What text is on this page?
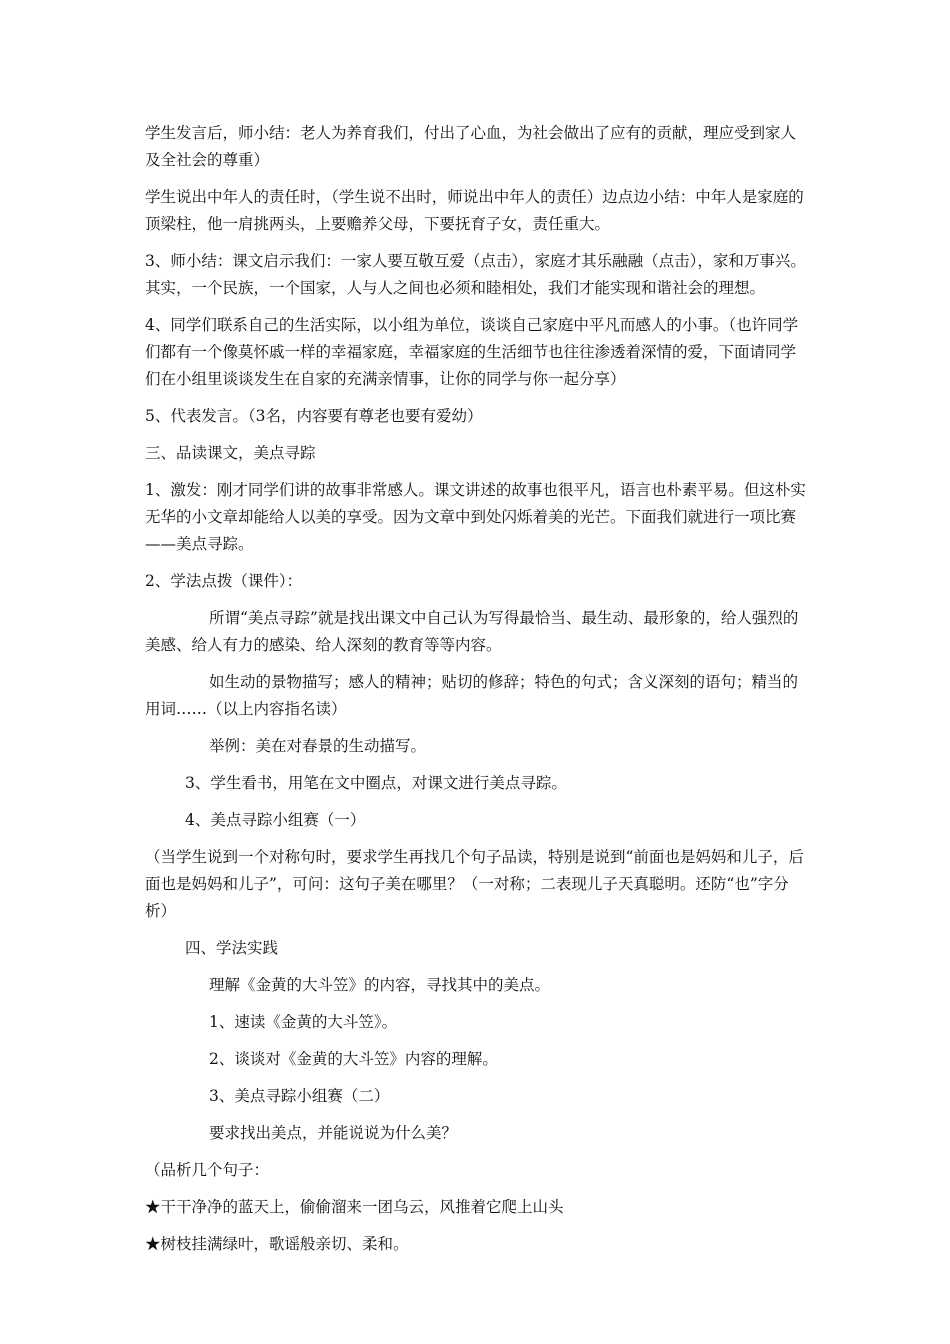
学生发言后，师小结：老人为养育我们，付出了心血，为社会做出了应有的贡献，理应受到家人及全社会的尊重）

学生说出中年人的责任时，（学生说不出时，师说出中年人的责任）边点边小结：中年人是家庭的顶梁柱，他一肩挑两头，上要赡养父母，下要抚育子女，责任重大。

3、师小结：课文启示我们：一家人要互敬互爱（点击），家庭才其乐融融（点击），家和万事兴。其实，一个民族，一个国家，人与人之间也必须和睦相处，我们才能实现和谐社会的理想。

4、同学们联系自己的生活实际，以小组为单位，谈谈自己家庭中平凡而感人的小事。（也许同学们都有一个像莫怀戚一样的幸福家庭，幸福家庭的生活细节也往往渗透着深情的爱，下面请同学们在小组里谈谈发生在自家的充满亲情事，让你的同学与你一起分享）

5、代表发言。（3名，内容要有尊老也要有爱幼）

三、品读课文，美点寻踪

1、激发：刚才同学们讲的故事非常感人。课文讲述的故事也很平凡，语言也朴素平易。但这朴实无华的小文章却能给人以美的享受。因为文章中到处闪烁着美的光芒。下面我们就进行一项比赛——美点寻踪。

2、学法点拨（课件）：

所谓“美点寻踪”就是找出课文中自己认为写得最恰当、最生动、最形象的，给人强烈的美感、给人有力的感染、给人深刻的教育等等内容。

如生动的景物描写；感人的精神；贴切的修辞；特色的句式；含义深刻的语句；精当的用词……（以上内容指名读）

举例：美在对春景的生动描写。

3、学生看书，用笔在文中圈点，对课文进行美点寻踪。

4、美点寻踪小组赛（一）

（当学生说到一个对称句时，要求学生再找几个句子品读，特别是说到“前面也是妈妈和儿子，后面也是妈妈和儿子”，可问：这句子美在哪里？（一对称；二表现儿子天真聪明。还防“也”字分析）

四、学法实践

理解《金黄的大斗笠》的内容，寻找其中的美点。

1、速读《金黄的大斗笠》。

2、谈谈对《金黄的大斗笠》内容的理解。

3、美点寻踪小组赛（二）

要求找出美点，并能说说为什么美？

（品析几个句子：

★干干净净的蓝天上，偷偷溜来一团乌云，风推着它爬上山头

★树枝挂满绿叶，歌谣般亲切、柔和。
